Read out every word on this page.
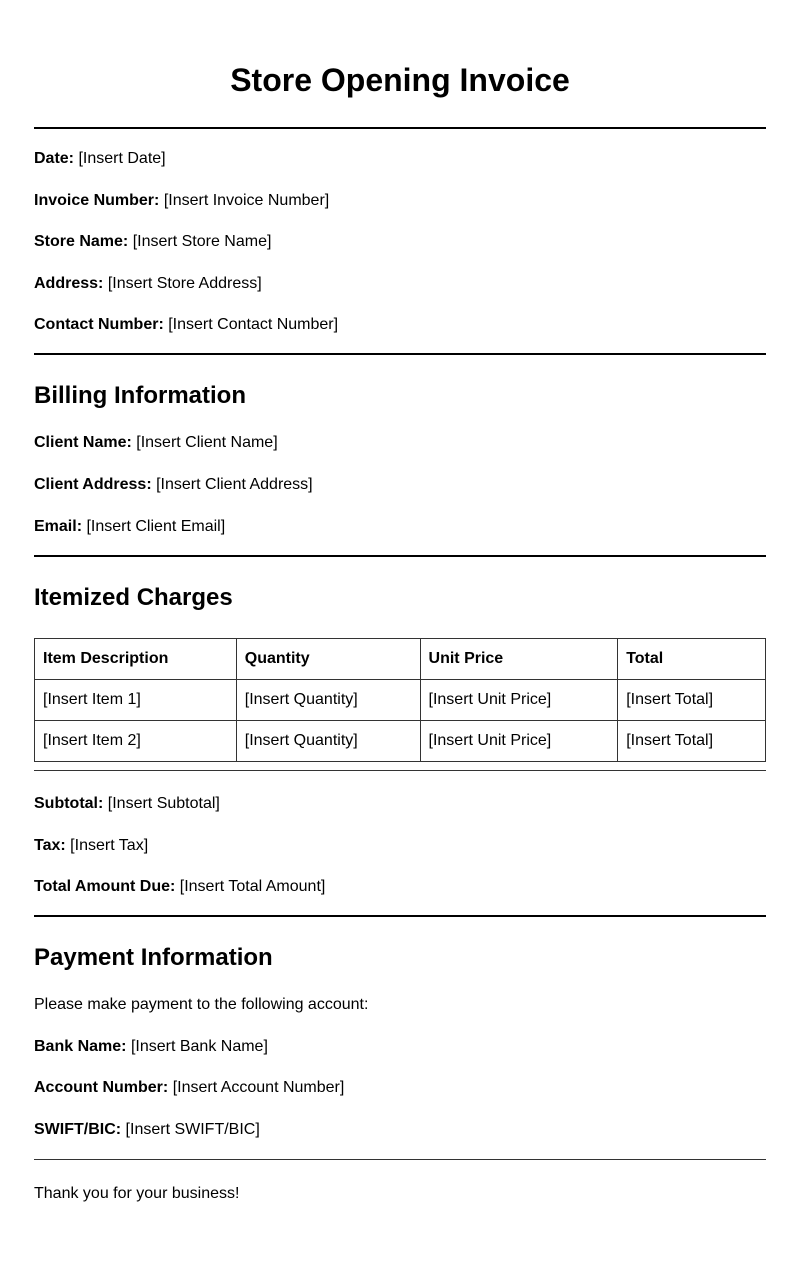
Store Opening Invoice

Date: [Insert Date]

Invoice Number: [Insert Invoice Number]

Store Name: [Insert Store Name]

Address: [Insert Store Address]

Contact Number: [Insert Contact Number]

Billing Information

Client Name: [Insert Client Name]

Client Address: [Insert Client Address]

Email: [Insert Client Email]

Itemized Charges
Item Description	Quantity	Unit Price	Total
[Insert Item 1]	[Insert Quantity]	[Insert Unit Price]	[Insert Total]
[Insert Item 2]	[Insert Quantity]	[Insert Unit Price]	[Insert Total]

Subtotal: [Insert Subtotal]

Tax: [Insert Tax]

Total Amount Due: [Insert Total Amount]

Payment Information

Please make payment to the following account:

Bank Name: [Insert Bank Name]

Account Number: [Insert Account Number]

SWIFT/BIC: [Insert SWIFT/BIC]

Thank you for your business!
